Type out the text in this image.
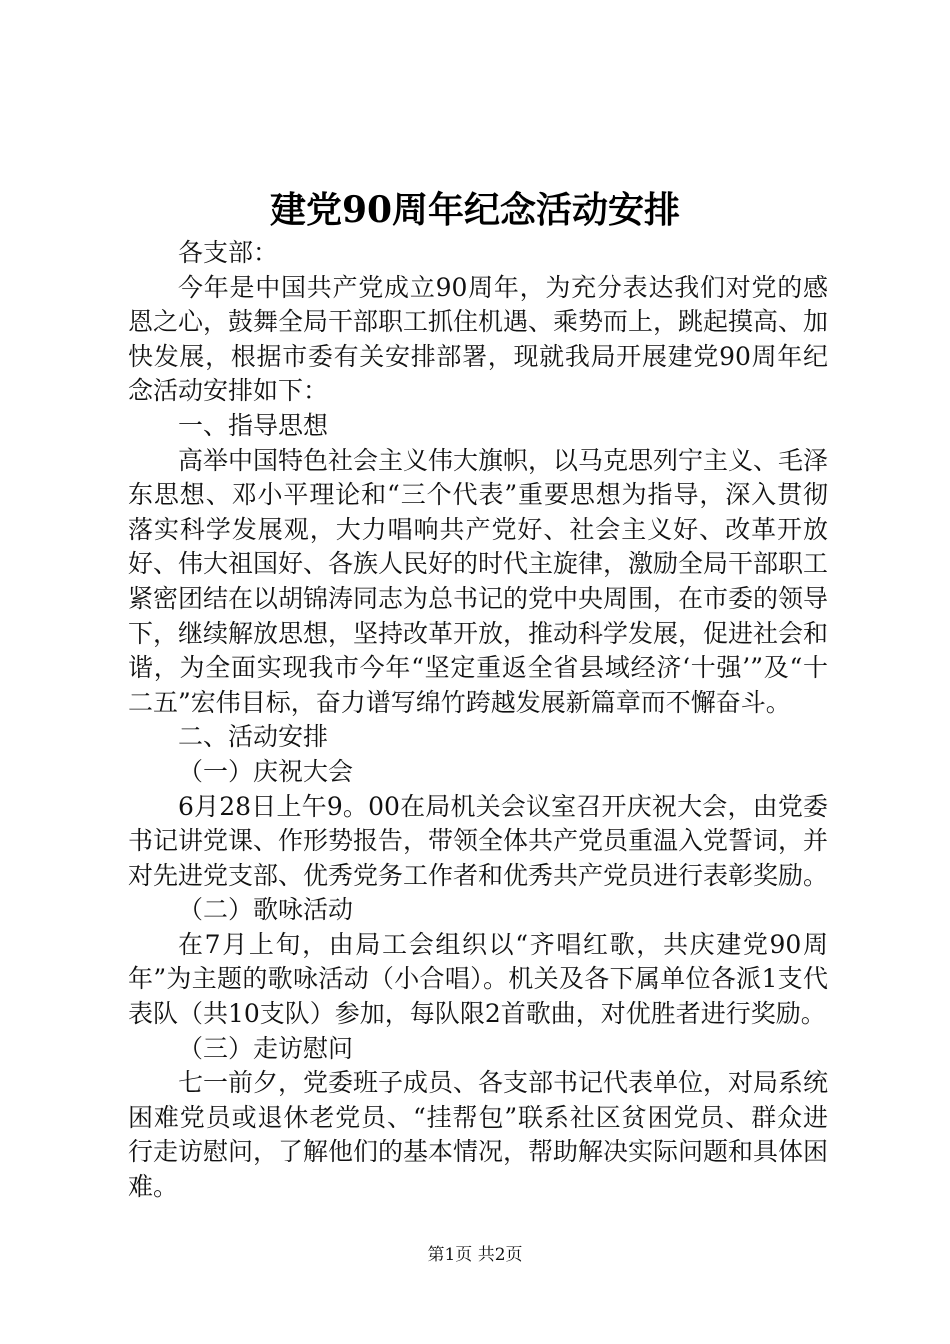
建党90周年纪念活动安排

各支部：

今年是中国共产党成立90周年，为充分表达我们对党的感恩之心，鼓舞全局干部职工抓住机遇、乘势而上，跳起摸高、加快发展，根据市委有关安排部署，现就我局开展建党90周年纪念活动安排如下：

一、指导思想

高举中国特色社会主义伟大旗帜，以马克思列宁主义、毛泽东思想、邓小平理论和“三个代表”重要思想为指导，深入贯彻落实科学发展观，大力唱响共产党好、社会主义好、改革开放好、伟大祖国好、各族人民好的时代主旋律，激励全局干部职工紧密团结在以胡锦涛同志为总书记的党中央周围，在市委的领导下，继续解放思想，坚持改革开放，推动科学发展，促进社会和谐，为全面实现我市今年“坚定重返全省县域经济‘十强’”及“十二五”宏伟目标，奋力谱写绵竹跨越发展新篇章而不懈奋斗。

二、活动安排

（一）庆祝大会

6月28日上午9。00在局机关会议室召开庆祝大会，由党委书记讲党课、作形势报告，带领全体共产党员重温入党誓词，并对先进党支部、优秀党务工作者和优秀共产党员进行表彰奖励。

（二）歌咏活动

在7月上旬，由局工会组织以“齐唱红歌，共庆建党90周年”为主题的歌咏活动（小合唱）。机关及各下属单位各派1支代表队（共10支队）参加，每队限2首歌曲，对优胜者进行奖励。

（三）走访慰问

七一前夕，党委班子成员、各支部书记代表单位，对局系统困难党员或退休老党员、“挂帮包”联系社区贫困党员、群众进行走访慰问，了解他们的基本情况，帮助解决实际问题和具体困难。

第1页 共2页
